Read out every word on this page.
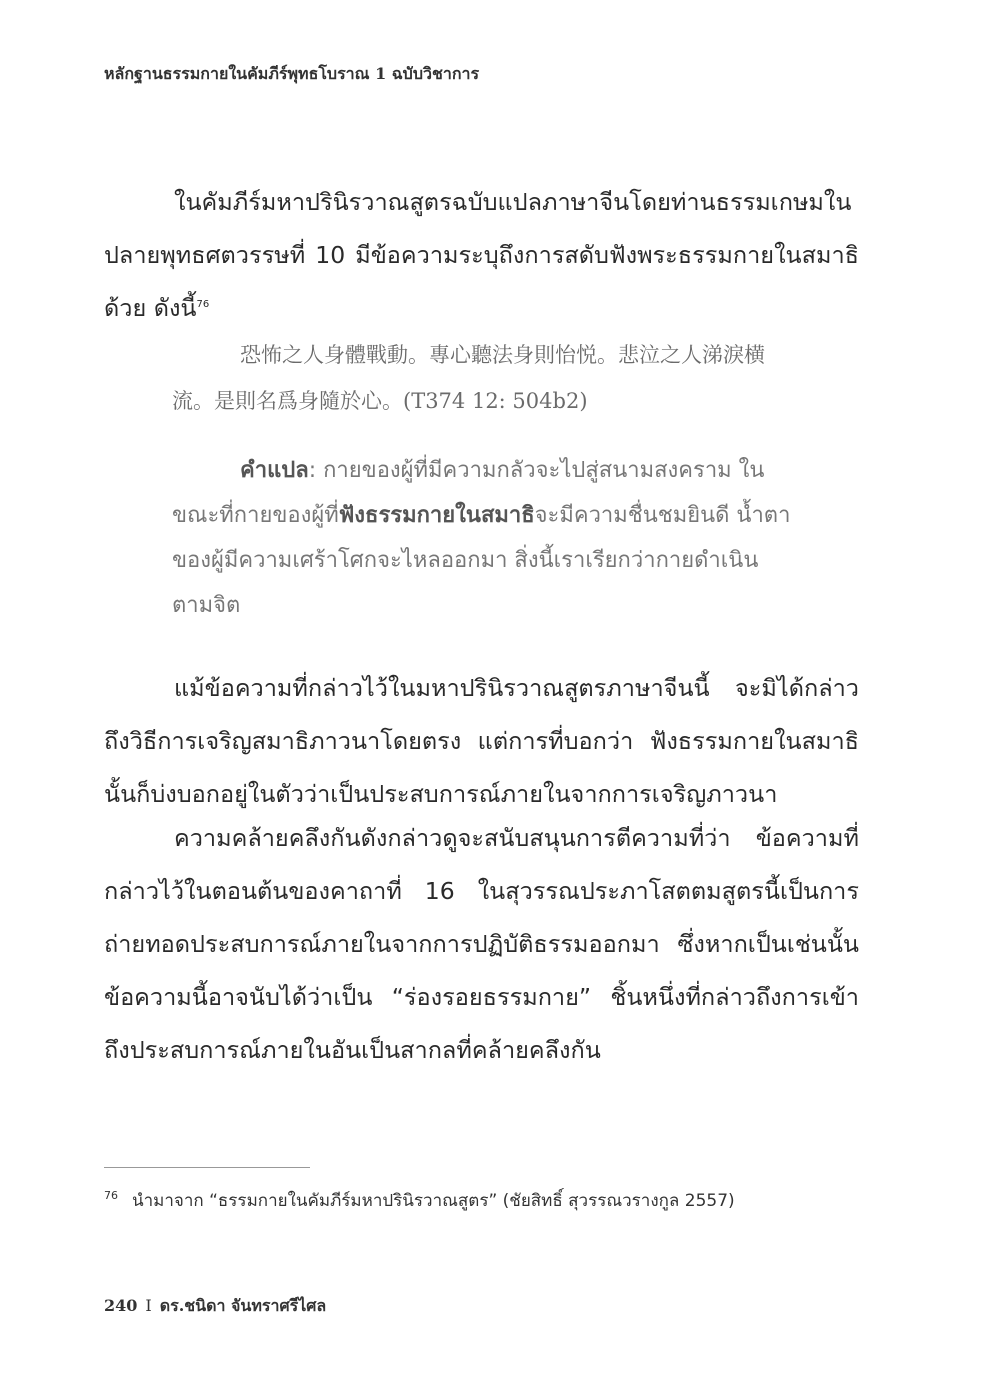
หลักฐานธรรมกายในคัมภีร์พุทธโบราณ 1 ฉบับวิชาการ

ในคัมภีร์มหาปรินิรวาณสูตรฉบับแปลภาษาจีนโดยท่านธรรมเกษมในปลายพุทธศตวรรษที่ 10 มีข้อความระบุถึงการสดับฟังพระธรรมกายในสมาธิด้วย ดังนี้$^{76}$

恐怖之人身體戰動。專心聽法身則怡悦。悲泣之人涕淚横流。是則名爲身隨於心。(T374 12: 504b2)

คำแปล: กายของผู้ที่มีความกลัวจะไปสู่สนามสงคราม ในขณะที่กายของผู้ที่ฟังธรรมกายในสมาธิจะมีความชื่นชมยินดี น้ำตาของผู้มีความเศร้าโศกจะไหลออกมา สิ่งนี้เราเรียกว่ากายดำเนินตามจิต

แม้ข้อความที่กล่าวไว้ในมหาปรินิรวาณสูตรภาษาจีนนี้ จะมิได้กล่าวถึงวิธีการเจริญสมาธิภาวนาโดยตรง แต่การที่บอกว่า ฟังธรรมกายในสมาธินั้นก็บ่งบอกอยู่ในตัวว่าเป็นประสบการณ์ภายในจากการเจริญภาวนา

ความคล้ายคลึงกันดังกล่าวดูจะสนับสนุนการตีความที่ว่า ข้อความที่กล่าวไว้ในตอนต้นของคาถาที่ 16 ในสุวรรณประภาโสตตมสูตรนี้เป็นการถ่ายทอดประสบการณ์ภายในจากการปฏิบัติธรรมออกมา ซึ่งหากเป็นเช่นนั้นข้อความนี้อาจนับได้ว่าเป็น “ร่องรอยธรรมกาย” ชิ้นหนึ่งที่กล่าวถึงการเข้าถึงประสบการณ์ภายในอันเป็นสากลที่คล้ายคลึงกัน

$^{76}$ นำมาจาก “ธรรมกายในคัมภีร์มหาปรินิรวาณสูตร” (ชัยสิทธิ์ สุวรรณวรางกูล 2557)
240 I ดร.ชนิดา จันทราศรีไศล
